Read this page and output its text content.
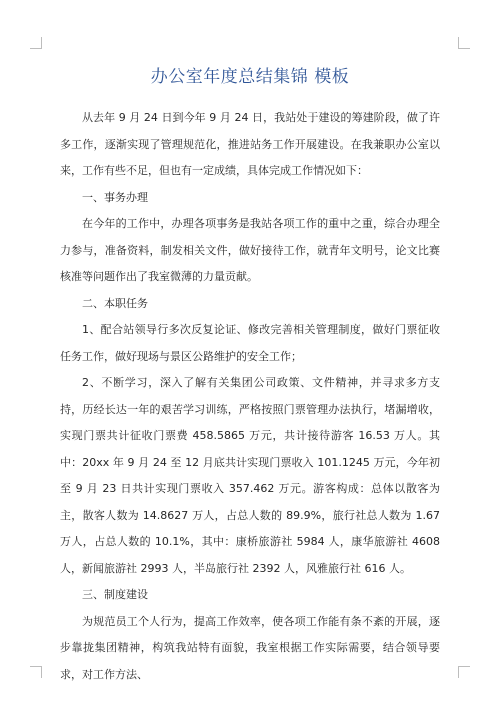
办公室年度总结集锦 模板

从去年 9 月 24 日到今年 9 月 24 日，我站处于建设的筹建阶段，做了许多工作，逐渐实现了管理规范化，推进站务工作开展建设。在我兼职办公室以来，工作有些不足，但也有一定成绩，具体完成工作情况如下：

一、事务办理

在今年的工作中，办理各项事务是我站各项工作的重中之重，综合办理全力参与，准备资料，制发相关文件，做好接待工作，就青年文明号，论文比赛核准等问题作出了我室微薄的力量贡献。

二、本职任务

1、配合站领导行多次反复论证、修改完善相关管理制度，做好门票征收任务工作，做好现场与景区公路维护的安全工作；

2、不断学习，深入了解有关集团公司政策、文件精神，并寻求多方支持，历经长达一年的艰苦学习训练，严格按照门票管理办法执行，堵漏增收，实现门票共计征收门票费 458.5865 万元，共计接待游客 16.53 万人。其中：20xx 年 9 月 24 至 12 月底共计实现门票收入 101.1245 万元，今年初至 9 月 23 日共计实现门票收入 357.462 万元。游客构成：总体以散客为主，散客人数为 14.8627 万人，占总人数的 89.9%，旅行社总人数为 1.67 万人，占总人数的 10.1%，其中：康桥旅游社 5984 人，康华旅游社 4608 人，新闻旅游社 2993 人，半岛旅行社 2392 人，风雅旅行社 616 人。

三、制度建设

为规范员工个人行为，提高工作效率，使各项工作能有条不紊的开展，逐步靠拢集团精神，构筑我站特有面貌，我室根据工作实际需要，结合领导要求，对工作方法、
